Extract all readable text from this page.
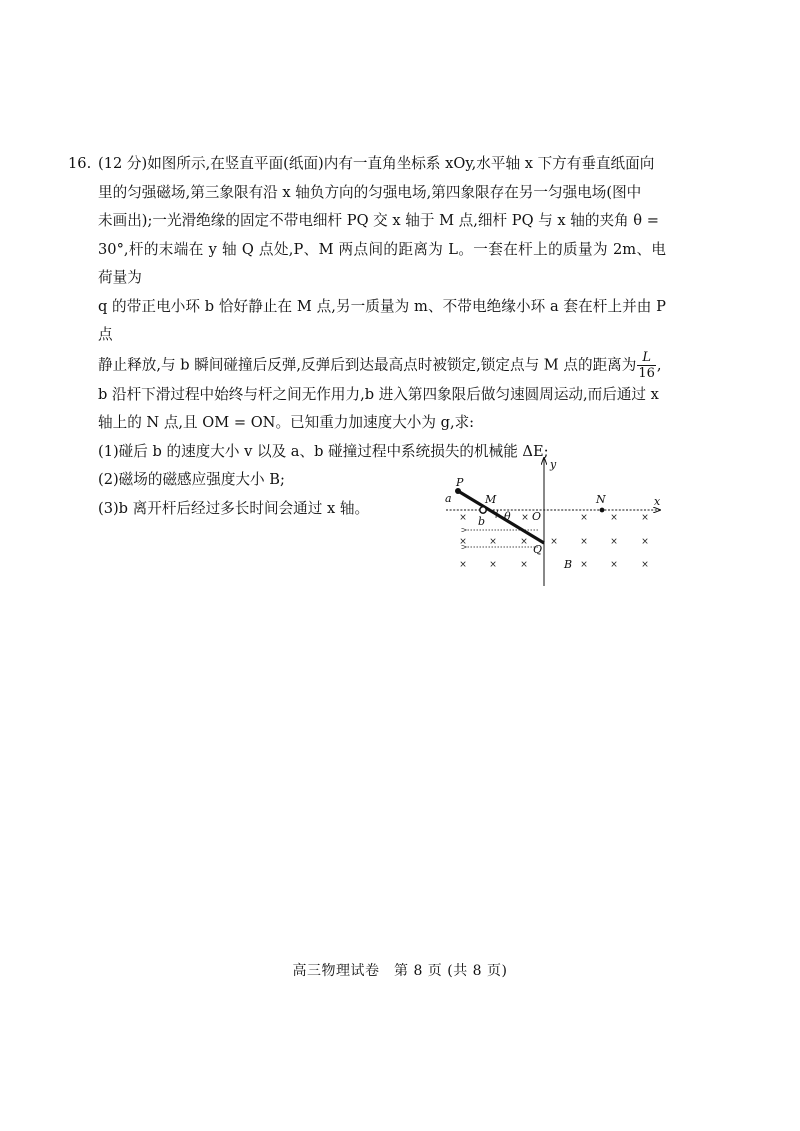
16. (12 分)如图所示,在竖直平面(纸面)内有一直角坐标系 xOy,水平轴 x 下方有垂直纸面向
里的匀强磁场,第三象限有沿 x 轴负方向的匀强电场,第四象限存在另一匀强电场(图中
未画出);一光滑绝缘的固定不带电细杆 PQ 交 x 轴于 M 点,细杆 PQ 与 x 轴的夹角 θ =
30°,杆的末端在 y 轴 Q 点处,P、M 两点间的距离为 L。一套在杆上的质量为 2m、电荷量为
q 的带正电小环 b 恰好静止在 M 点,另一质量为 m、不带电绝缘小环 a 套在杆上并由 P 点
静止释放,与 b 瞬间碰撞后反弹,反弹后到达最高点时被锁定,锁定点与 M 点的距离为 $\frac{L}{16}$ ,
b 沿杆下滑过程中始终与杆之间无作用力,b 进入第四象限后做匀速圆周运动,而后通过 x
轴上的 N 点,且 OM = ON。已知重力加速度大小为 g,求:
(1)碰后 b 的速度大小 v 以及 a、b 碰撞过程中系统损失的机械能 ΔE;
(2)磁场的磁感应强度大小 B;
(3)b 离开杆后经过多长时间会通过 x 轴。

×	×	× ×	×
× ×	× × × ×	×
× ×	×	× ×	×
y
x
P
a	M
b θ O
N
Q
B
高三物理试卷　第 8 页 (共 8 页)
